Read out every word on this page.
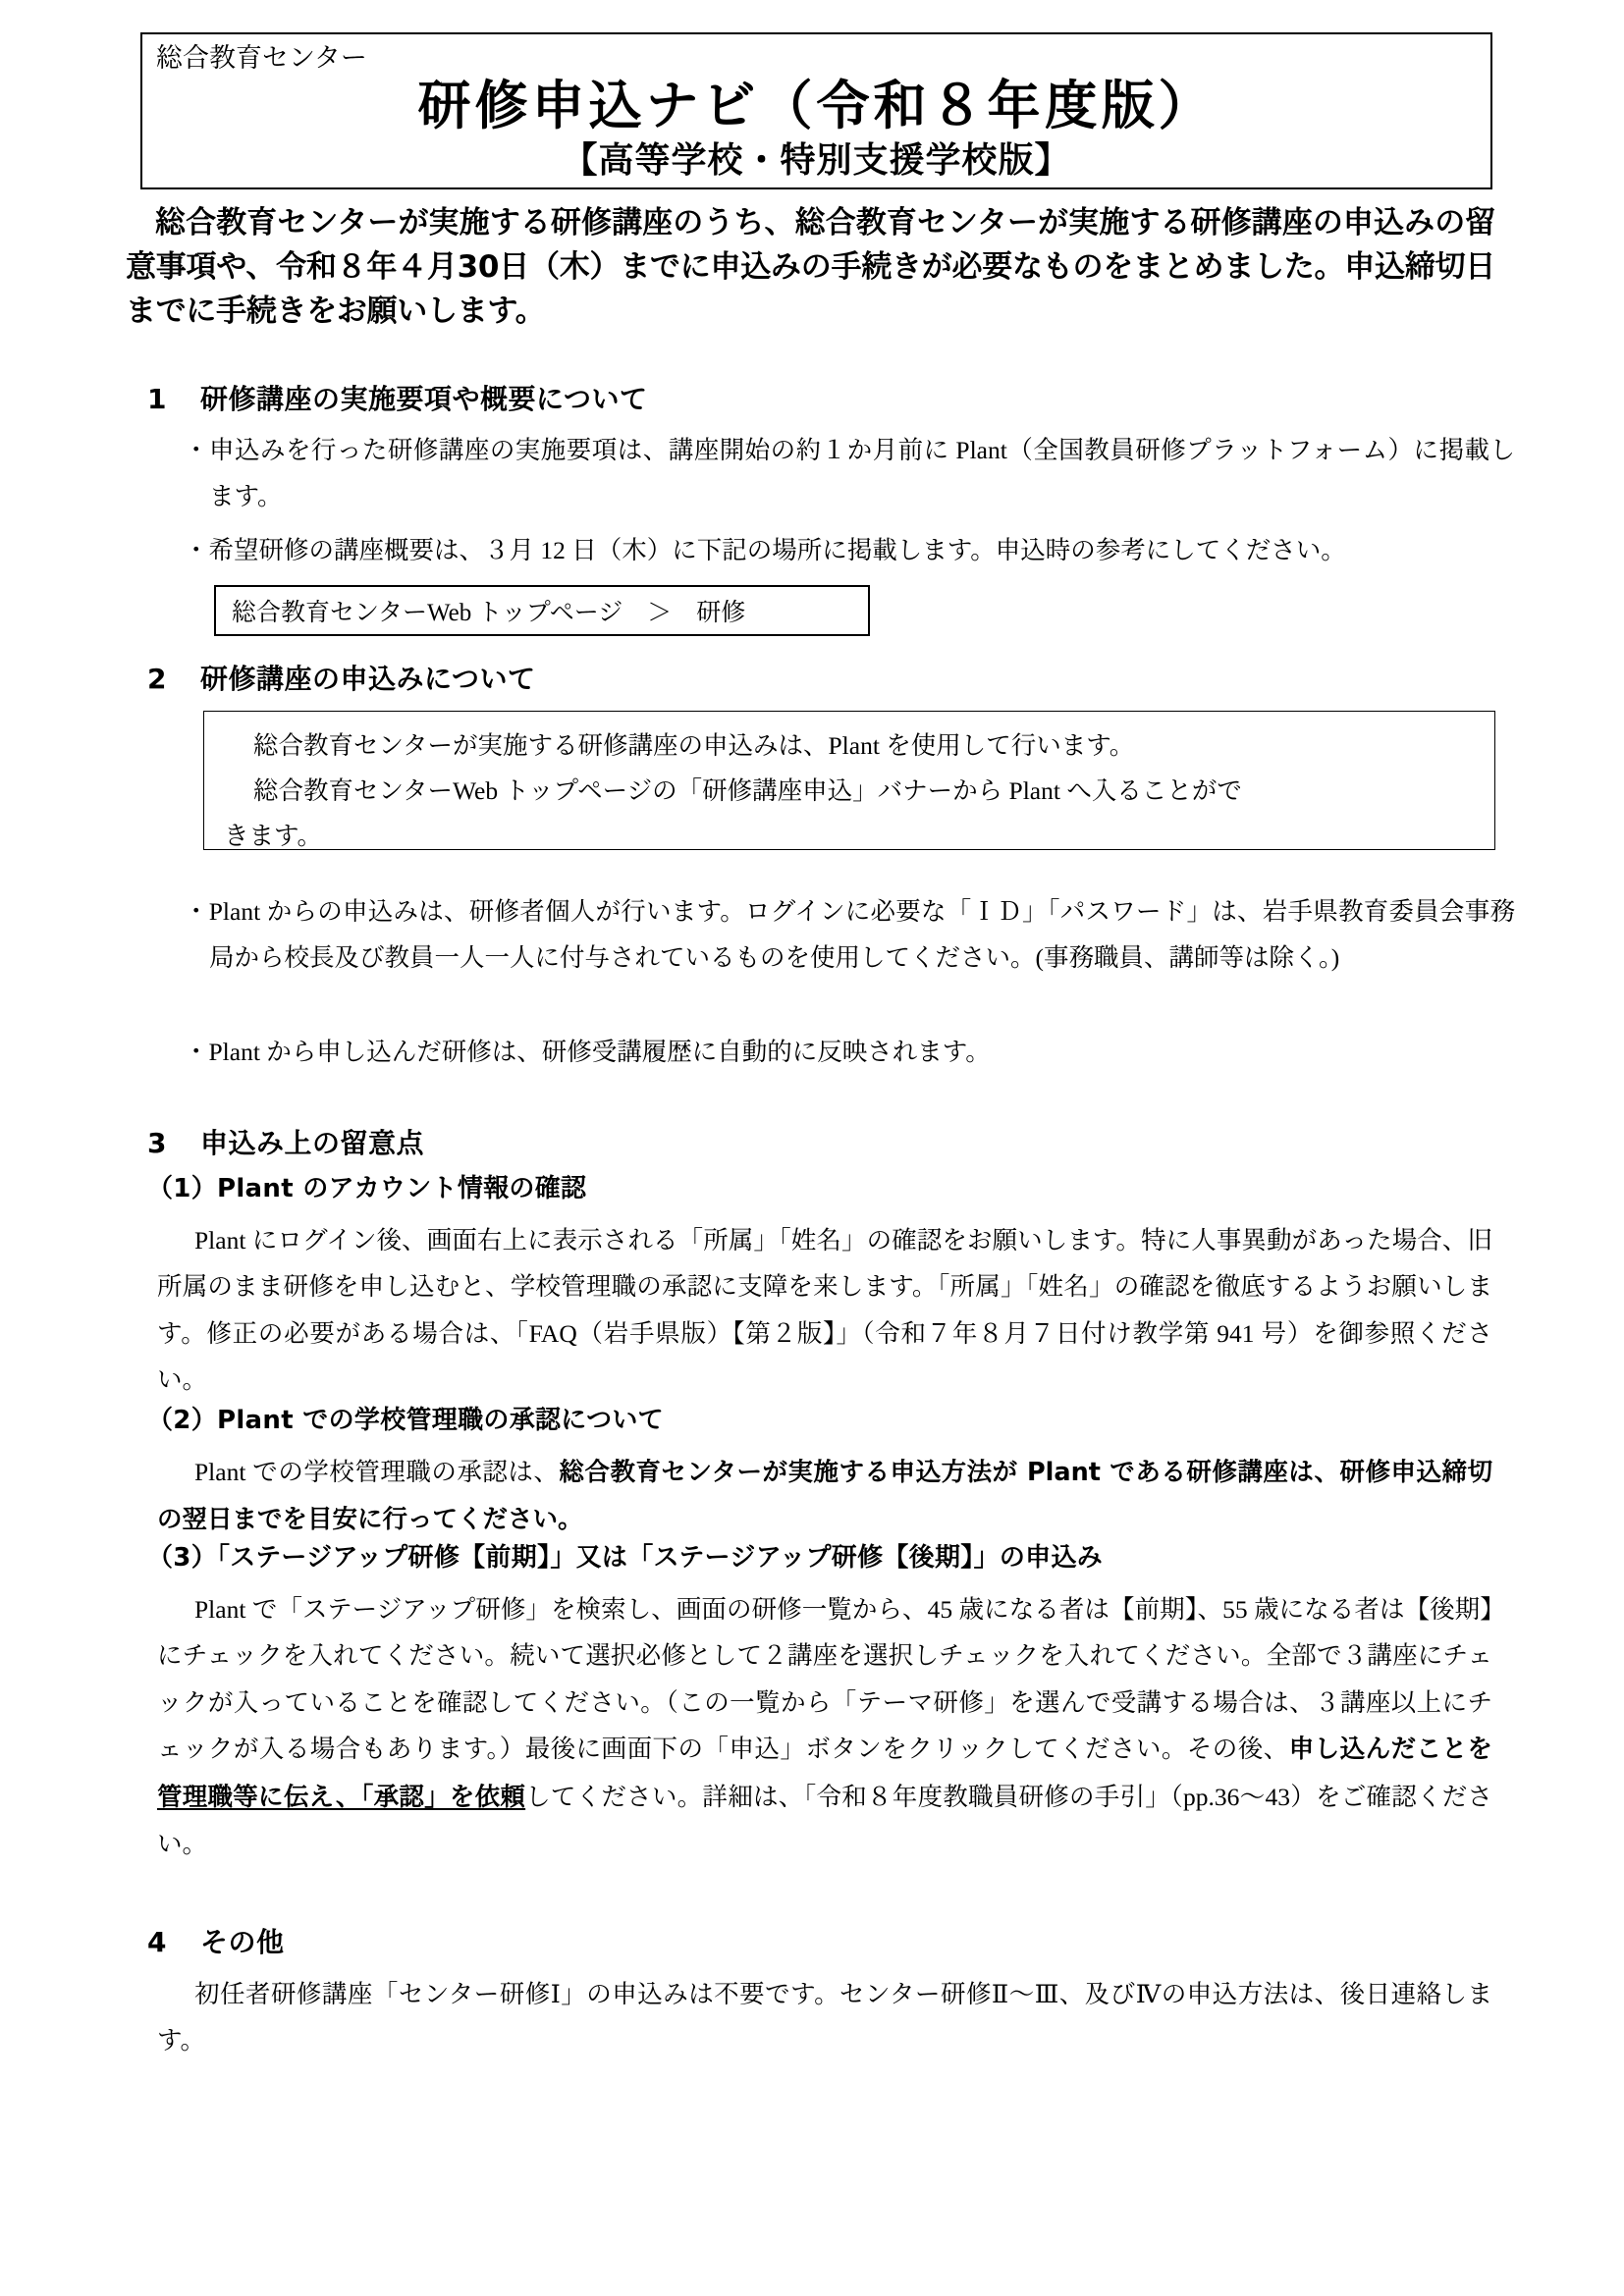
総合教育センター
研修申込ナビ（令和８年度版）
【高等学校・特別支援学校版】
総合教育センターが実施する研修講座のうち、総合教育センターが実施する研修講座の申込みの留意事項や、令和８年４月30日（木）までに申込みの手続きが必要なものをまとめました。申込締切日までに手続きをお願いします。
1 研修講座の実施要項や概要について
・申込みを行った研修講座の実施要項は、講座開始の約１か月前に Plant（全国教員研修プラットフォーム）に掲載します。
・希望研修の講座概要は、３月 12 日（木）に下記の場所に掲載します。申込時の参考にしてください。
総合教育センターWeb トップページ　＞　研修
2 研修講座の申込みについて
総合教育センターが実施する研修講座の申込みは、Plant を使用して行います。
総合教育センターWeb トップページの「研修講座申込」バナーから Plant へ入ることがで
きます。
・Plant からの申込みは、研修者個人が行います。ログインに必要な「ＩＤ」「パスワード」は、岩手県教育委員会事務局から校長及び教員一人一人に付与されているものを使用してください。(事務職員、講師等は除く。)
・Plant から申し込んだ研修は、研修受講履歴に自動的に反映されます。
3 申込み上の留意点
（1）Plant のアカウント情報の確認
Plant にログイン後、画面右上に表示される「所属」「姓名」の確認をお願いします。特に人事異動があった場合、旧所属のまま研修を申し込むと、学校管理職の承認に支障を来します。「所属」「姓名」の確認を徹底するようお願いします。修正の必要がある場合は、「FAQ（岩手県版）【第２版】」（令和７年８月７日付け教学第 941 号）を御参照ください。
（2）Plant での学校管理職の承認について
Plant での学校管理職の承認は、総合教育センターが実施する申込方法が Plant である研修講座は、研修申込締切の翌日までを目安に行ってください。
（3）「ステージアップ研修【前期】」又は「ステージアップ研修【後期】」の申込み
Plant で「ステージアップ研修」を検索し、画面の研修一覧から、45 歳になる者は【前期】、55 歳になる者は【後期】にチェックを入れてください。続いて選択必修として２講座を選択しチェックを入れてください。全部で３講座にチェックが入っていることを確認してください。（この一覧から「テーマ研修」を選んで受講する場合は、３講座以上にチェックが入る場合もあります。）最後に画面下の「申込」ボタンをクリックしてください。その後、申し込んだことを管理職等に伝え、「承認」を依頼してください。詳細は、「令和８年度教職員研修の手引」（pp.36～43）をご確認ください。
4 その他
初任者研修講座「センター研修Ⅰ」の申込みは不要です。センター研修Ⅱ～Ⅲ、及びⅣの申込方法は、後日連絡します。
